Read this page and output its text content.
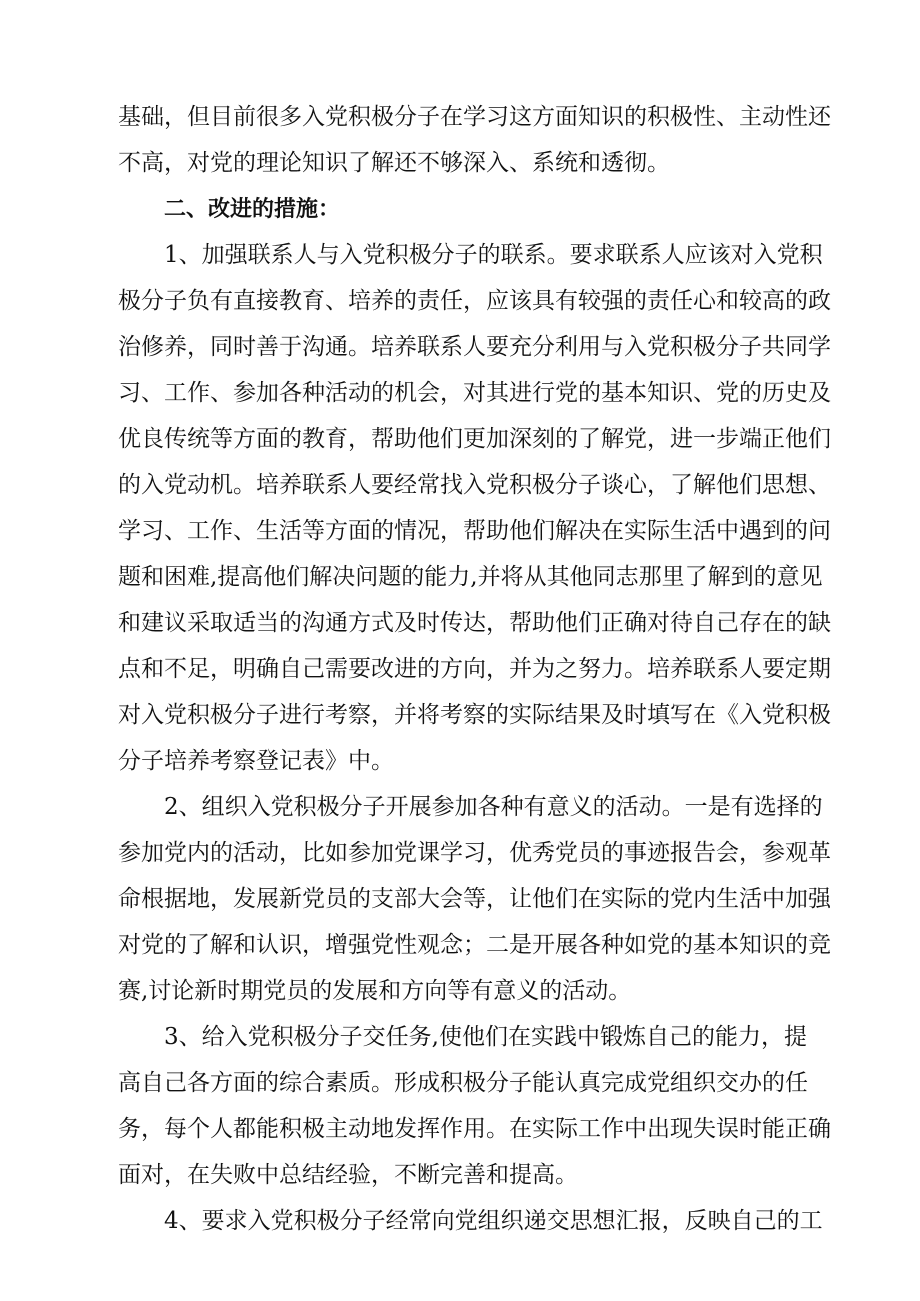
基础，但目前很多入党积极分子在学习这方面知识的积极性、主动性还
不高，对党的理论知识了解还不够深入、系统和透彻。
二、改进的措施：
1、加强联系人与入党积极分子的联系。要求联系人应该对入党积
极分子负有直接教育、培养的责任，应该具有较强的责任心和较高的政
治修养，同时善于沟通。培养联系人要充分利用与入党积极分子共同学
习、工作、参加各种活动的机会，对其进行党的基本知识、党的历史及
优良传统等方面的教育，帮助他们更加深刻的了解党，进一步端正他们
的入党动机。培养联系人要经常找入党积极分子谈心，了解他们思想、
学习、工作、生活等方面的情况，帮助他们解决在实际生活中遇到的问
题和困难,提高他们解决问题的能力,并将从其他同志那里了解到的意见
和建议采取适当的沟通方式及时传达，帮助他们正确对待自己存在的缺
点和不足，明确自己需要改进的方向，并为之努力。培养联系人要定期
对入党积极分子进行考察，并将考察的实际结果及时填写在《入党积极
分子培养考察登记表》中。
2、组织入党积极分子开展参加各种有意义的活动。一是有选择的
参加党内的活动，比如参加党课学习，优秀党员的事迹报告会，参观革
命根据地，发展新党员的支部大会等，让他们在实际的党内生活中加强
对党的了解和认识，增强党性观念；二是开展各种如党的基本知识的竞
赛,讨论新时期党员的发展和方向等有意义的活动。
3、给入党积极分子交任务,使他们在实践中锻炼自己的能力，提
高自己各方面的综合素质。形成积极分子能认真完成党组织交办的任
务，每个人都能积极主动地发挥作用。在实际工作中出现失误时能正确
面对，在失败中总结经验，不断完善和提高。
4、要求入党积极分子经常向党组织递交思想汇报，反映自己的工
